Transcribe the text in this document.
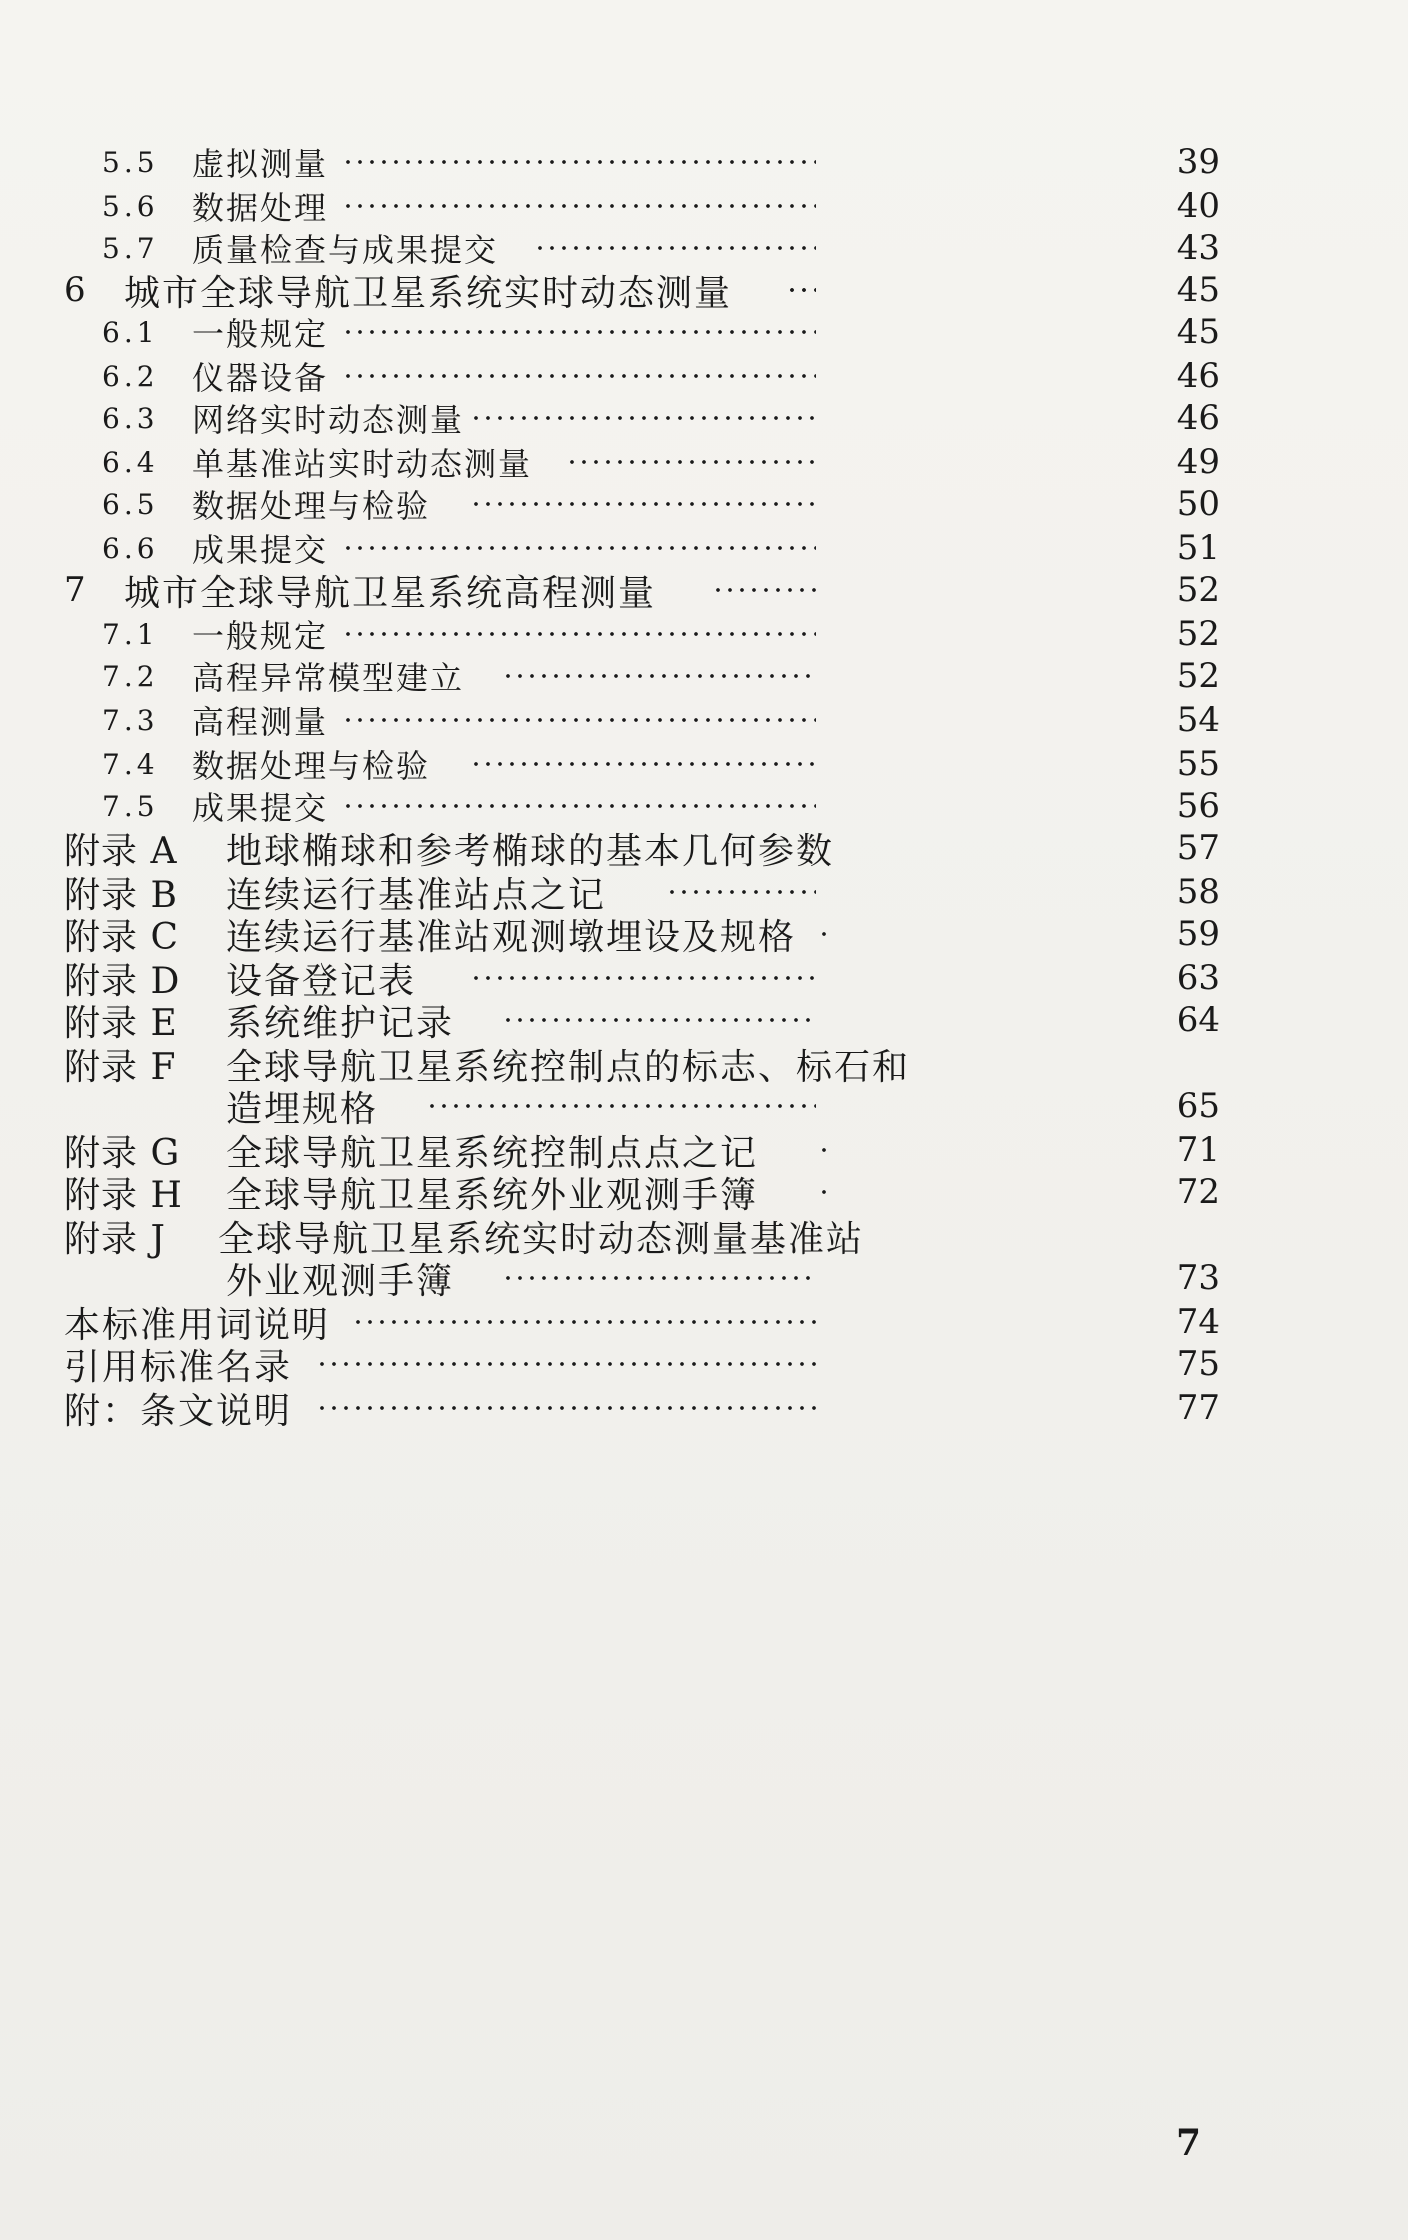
5.5 虚拟测量	39
5.6 数据处理	40
5.7 质量检查与成果提交	43
6 城市全球导航卫星系统实时动态测量	45
6.1 一般规定	45
6.2 仪器设备	46
6.3 网络实时动态测量	46
6.4 单基准站实时动态测量	49
6.5 数据处理与检验	50
6.6 成果提交	51
7 城市全球导航卫星系统高程测量	52
7.1 一般规定	52
7.2 高程异常模型建立	52
7.3 高程测量	54
7.4 数据处理与检验	55
7.5 成果提交	56
附录 A 地球椭球和参考椭球的基本几何参数	57
附录 B 连续运行基准站点之记	58
附录 C 连续运行基准站观测墩埋设及规格	59
附录 D 设备登记表	63
附录 E 系统维护记录	64
附录 F 全球导航卫星系统控制点的标志、标石和
造埋规格	65
附录 G 全球导航卫星系统控制点点之记	71
附录 H 全球导航卫星系统外业观测手簿	72
附录 J 全球导航卫星系统实时动态测量基准站
外业观测手簿	73
本标准用词说明	74
引用标准名录	75
附：条文说明	77
7
